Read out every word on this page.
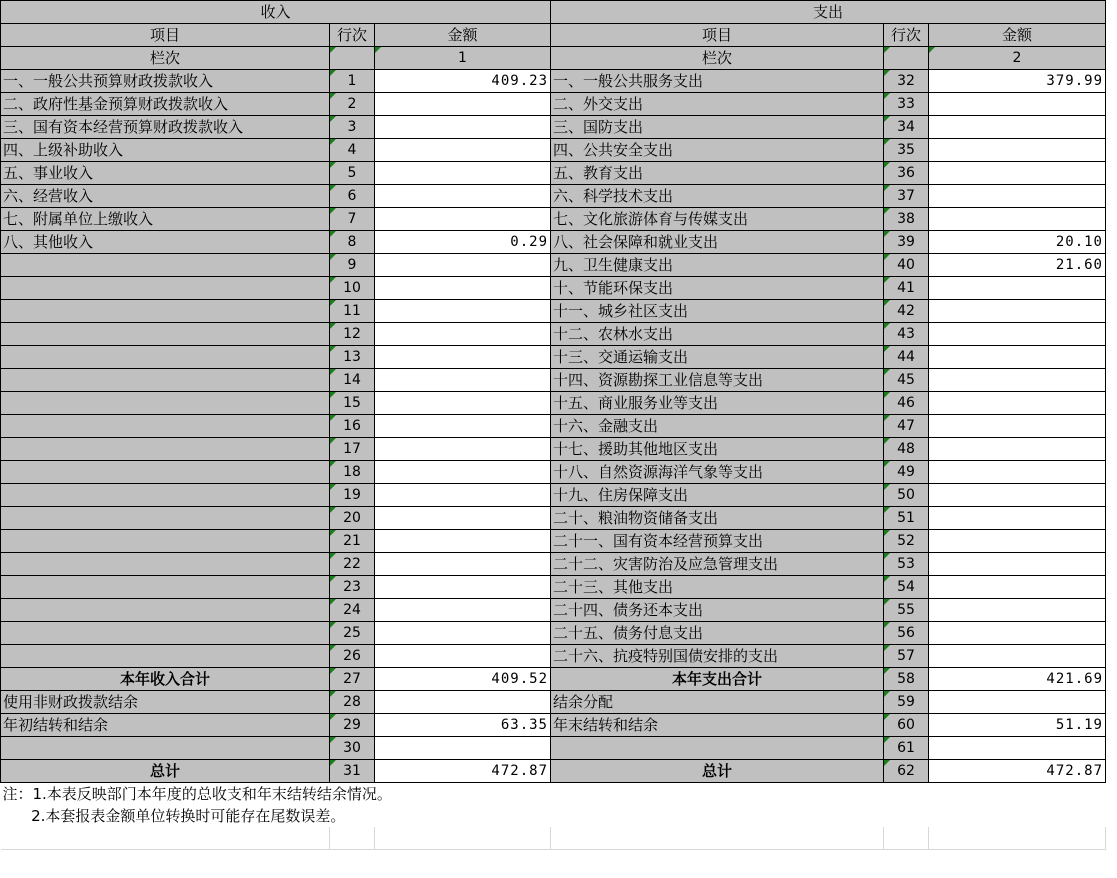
收入			支出		
项目	行次	金额	项目	行次	金额
栏次		1	栏次		2
一、一般公共预算财政拨款收入	1	409.23	一、一般公共服务支出	32	379.99
二、政府性基金预算财政拨款收入	2		二、外交支出	33	
三、国有资本经营预算财政拨款收入	3		三、国防支出	34	
四、上级补助收入	4		四、公共安全支出	35	
五、事业收入	5		五、教育支出	36	
六、经营收入	6		六、科学技术支出	37	
七、附属单位上缴收入	7		七、文化旅游体育与传媒支出	38	
八、其他收入	8	0.29	八、社会保障和就业支出	39	20.10
	9		九、卫生健康支出	40	21.60
	10		十、节能环保支出	41	
	11		十一、城乡社区支出	42	
	12		十二、农林水支出	43	
	13		十三、交通运输支出	44	
	14		十四、资源勘探工业信息等支出	45	
	15		十五、商业服务业等支出	46	
	16		十六、金融支出	47	
	17		十七、援助其他地区支出	48	
	18		十八、自然资源海洋气象等支出	49	
	19		十九、住房保障支出	50	
	20		二十、粮油物资储备支出	51	
	21		二十一、国有资本经营预算支出	52	
	22		二十二、灾害防治及应急管理支出	53	
	23		二十三、其他支出	54	
	24		二十四、债务还本支出	55	
	25		二十五、债务付息支出	56	
	26		二十六、抗疫特别国债安排的支出	57	
本年收入合计	27	409.52	本年支出合计	58	421.69
使用非财政拨款结余	28		结余分配	59	
年初结转和结余	29	63.35	年末结转和结余	60	51.19
	30			61	
总计	31	472.87	总计	62	472.87
注：1.本表反映部门本年度的总收支和年末结转结余情况。					
2.本套报表金额单位转换时可能存在尾数误差。					
